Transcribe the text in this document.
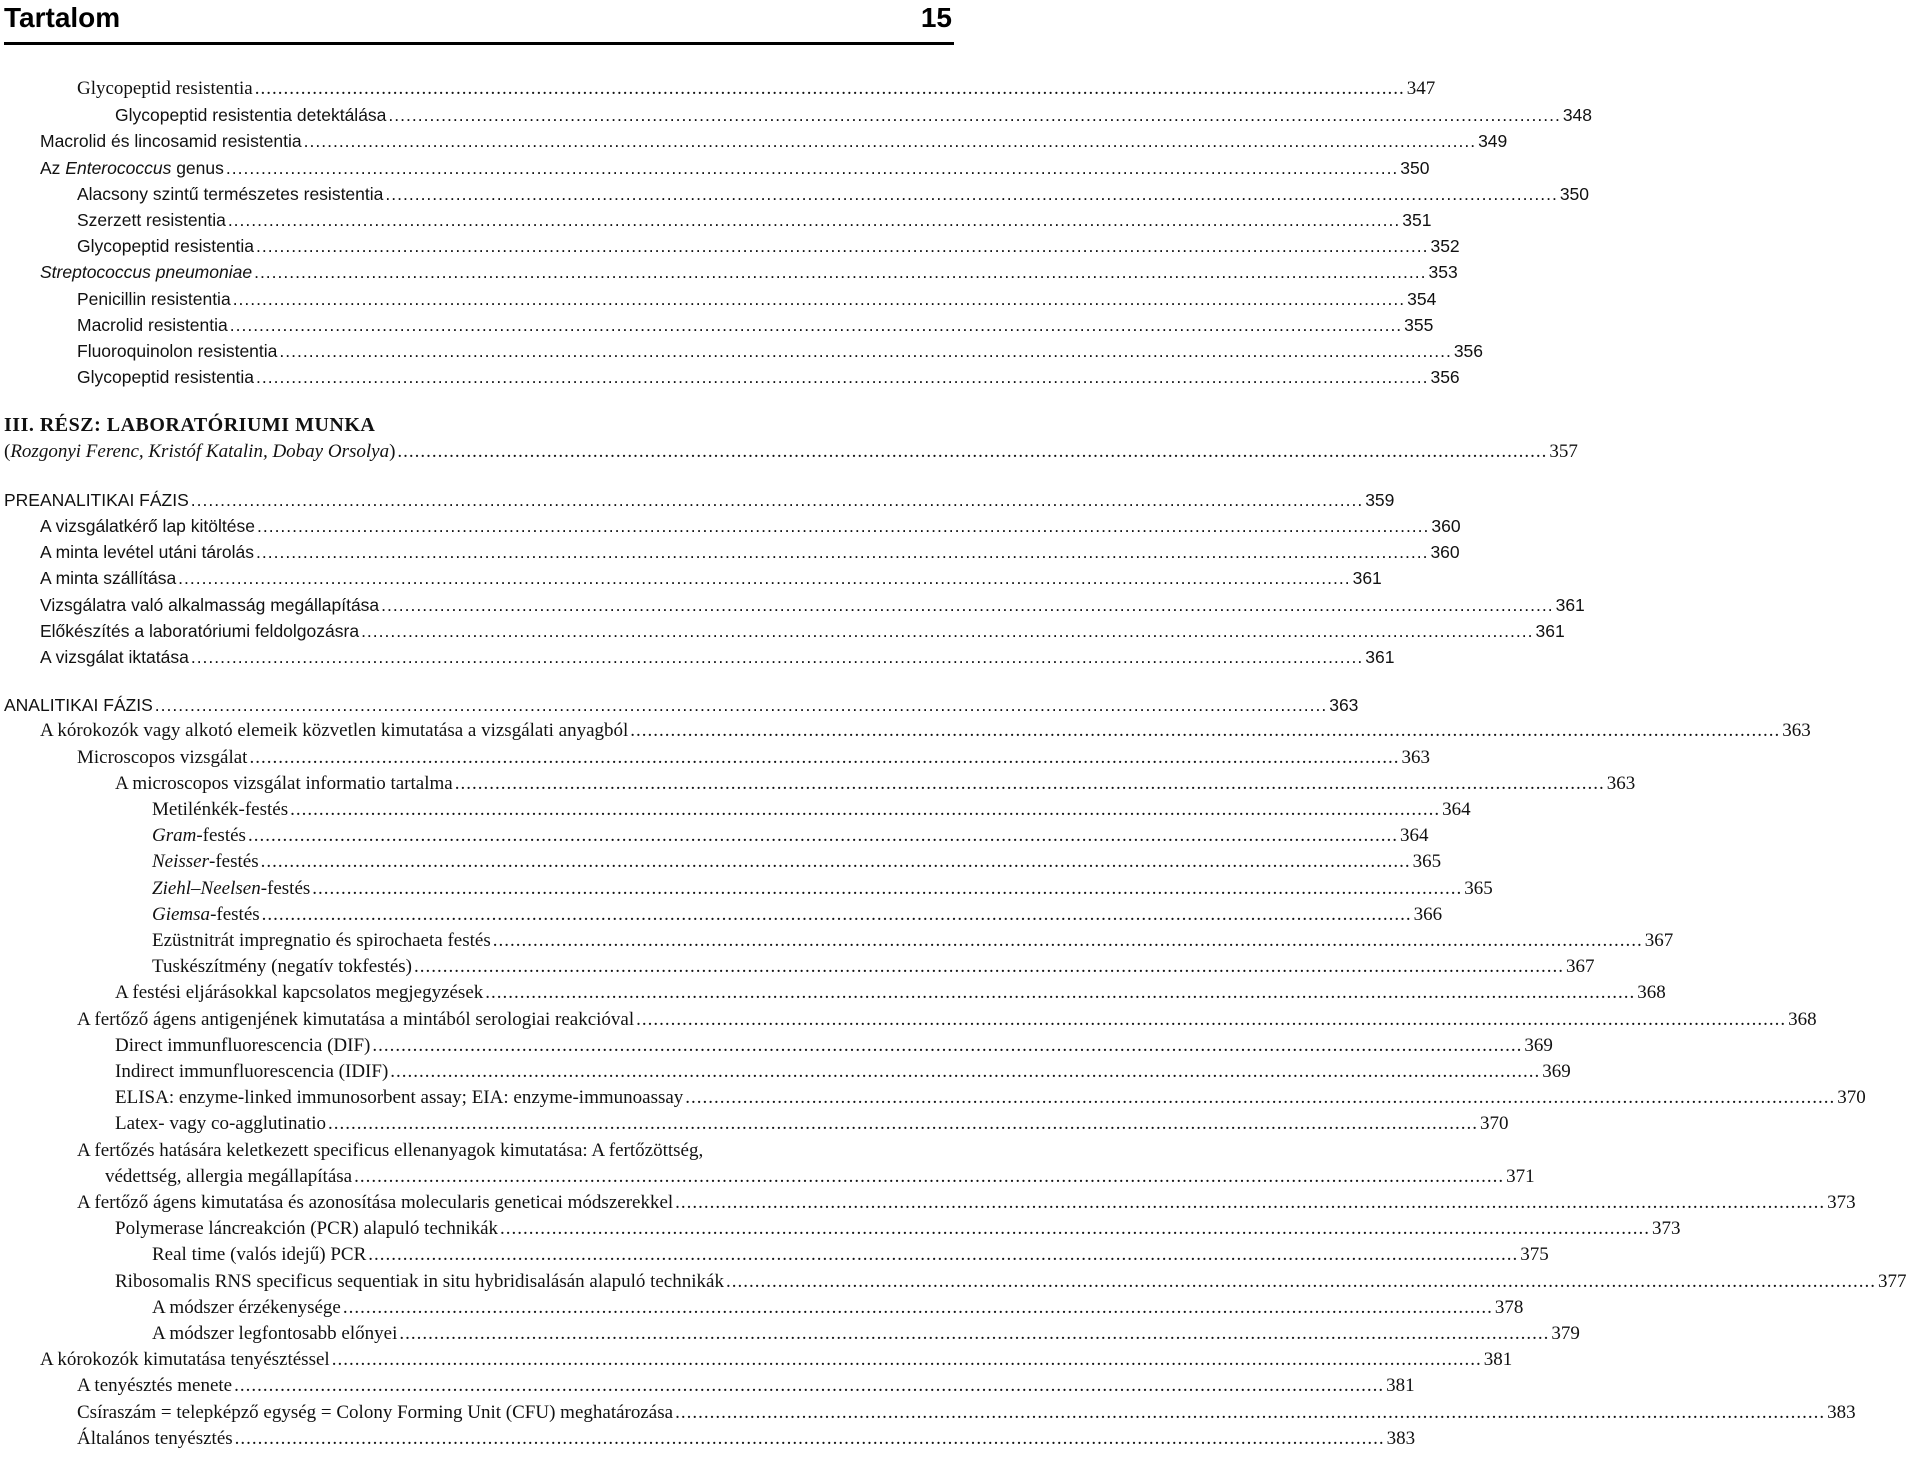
Tartalom	15
Glycopeptid resistentia ........................................................................................................................................................................................................ 347
Glycopeptid resistentia detektálása ........................................................................................................................................................................................................ 348
Macrolid és lincosamid resistentia ........................................................................................................................................................................................................ 349
Az Enterococcus genus ........................................................................................................................................................................................................ 350
Alacsony szintű természetes resistentia ........................................................................................................................................................................................................ 350
Szerzett resistentia ........................................................................................................................................................................................................ 351
Glycopeptid resistentia ........................................................................................................................................................................................................ 352
Streptococcus pneumoniae ........................................................................................................................................................................................................ 353
Penicillin resistentia ........................................................................................................................................................................................................ 354
Macrolid resistentia ........................................................................................................................................................................................................ 355
Fluoroquinolon resistentia ........................................................................................................................................................................................................ 356
Glycopeptid resistentia ........................................................................................................................................................................................................ 356
III. RÉSZ: LABORATÓRIUMI MUNKA
(Rozgonyi Ferenc, Kristóf Katalin, Dobay Orsolya) ........................................................................................................................................................................................................ 357
PREANALITIKAI FÁZIS ........................................................................................................................................................................................................ 359
A vizsgálatkérő lap kitöltése ........................................................................................................................................................................................................ 360
A minta levétel utáni tárolás ........................................................................................................................................................................................................ 360
A minta szállítása ........................................................................................................................................................................................................ 361
Vizsgálatra való alkalmasság megállapítása ........................................................................................................................................................................................................ 361
Előkészítés a laboratóriumi feldolgozásra ........................................................................................................................................................................................................ 361
A vizsgálat iktatása ........................................................................................................................................................................................................ 361
ANALITIKAI FÁZIS ........................................................................................................................................................................................................ 363
A kórokozók vagy alkotó elemeik közvetlen kimutatása a vizsgálati anyagból ........................................................................................................................................................................................................ 363
Microscopos vizsgálat ........................................................................................................................................................................................................ 363
A microscopos vizsgálat informatio tartalma ........................................................................................................................................................................................................ 363
Metilénkék-festés ........................................................................................................................................................................................................ 364
Gram-festés ........................................................................................................................................................................................................ 364
Neisser-festés ........................................................................................................................................................................................................ 365
Ziehl–Neelsen-festés ........................................................................................................................................................................................................ 365
Giemsa-festés ........................................................................................................................................................................................................ 366
Ezüstnitrát impregnatio és spirochaeta festés ........................................................................................................................................................................................................ 367
Tuskészítmény (negatív tokfestés) ........................................................................................................................................................................................................ 367
A festési eljárásokkal kapcsolatos megjegyzések ........................................................................................................................................................................................................ 368
A fertőző ágens antigenjének kimutatása a mintából serologiai reakcióval ........................................................................................................................................................................................................ 368
Direct immunfluorescencia (DIF) ........................................................................................................................................................................................................ 369
Indirect immunfluorescencia (IDIF) ........................................................................................................................................................................................................ 369
ELISA: enzyme-linked immunosorbent assay; EIA: enzyme-immunoassay ........................................................................................................................................................................................................ 370
Latex- vagy co-agglutinatio ........................................................................................................................................................................................................ 370
A fertőzés hatására keletkezett specificus ellenanyagok kimutatása: A fertőzöttség,
védettség, allergia megállapítása ........................................................................................................................................................................................................ 371
A fertőző ágens kimutatása és azonosítása molecularis geneticai módszerekkel ........................................................................................................................................................................................................ 373
Polymerase láncreakción (PCR) alapuló technikák ........................................................................................................................................................................................................ 373
Real time (valós idejű) PCR ........................................................................................................................................................................................................ 375
Ribosomalis RNS specificus sequentiak in situ hybridisalásán alapuló technikák ........................................................................................................................................................................................................ 377
A módszer érzékenysége ........................................................................................................................................................................................................ 378
A módszer legfontosabb előnyei ........................................................................................................................................................................................................ 379
A kórokozók kimutatása tenyésztéssel ........................................................................................................................................................................................................ 381
A tenyésztés menete ........................................................................................................................................................................................................ 381
Csíraszám = telepképző egység = Colony Forming Unit (CFU) meghatározása ........................................................................................................................................................................................................ 383
Általános tenyésztés ........................................................................................................................................................................................................ 383
